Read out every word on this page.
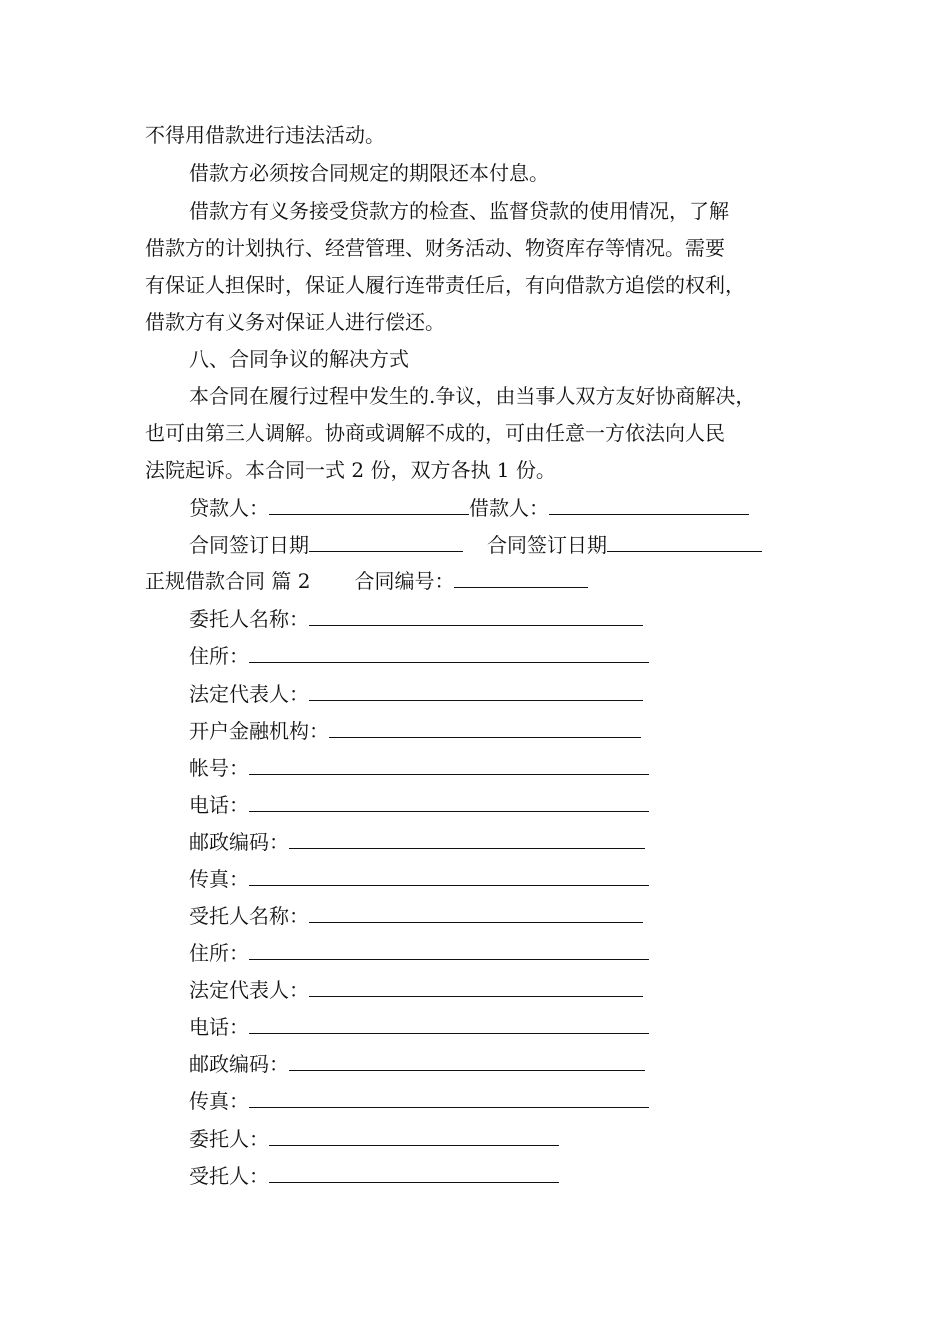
不得用借款进行违法活动。
借款方必须按合同规定的期限还本付息。
借款方有义务接受贷款方的检查、监督贷款的使用情况，了解
借款方的计划执行、经营管理、财务活动、物资库存等情况。需要
有保证人担保时，保证人履行连带责任后，有向借款方追偿的权利，
借款方有义务对保证人进行偿还。
八、合同争议的解决方式
本合同在履行过程中发生的.争议，由当事人双方友好协商解决，
也可由第三人调解。协商或调解不成的，可由任意一方依法向人民
法院起诉。本合同一式 2 份，双方各执 1 份。
贷款人：	借款人：
合同签订日期	合同签订日期
正规借款合同 篇 2 合同编号：
委托人名称：
住所：
法定代表人：
开户金融机构：
帐号：
电话：
邮政编码：
传真：
受托人名称：
住所：
法定代表人：
电话：
邮政编码：
传真：
委托人：
受托人：
